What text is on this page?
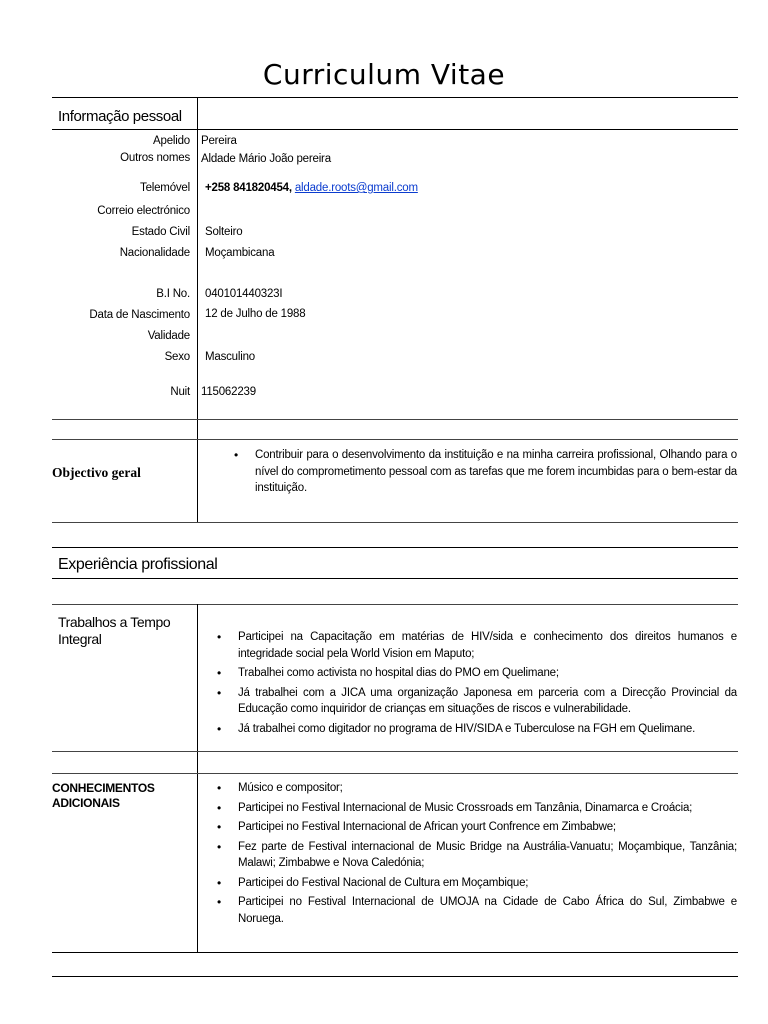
Curriculum Vitae
Informação pessoal
Apelido Pereira
Outros nomes Aldade Mário João pereira
Telemóvel +258 841820454, aldade.roots@gmail.com
Correio electrónico
Estado Civil Solteiro
Nacionalidade Moçambicana
B.I No. 040101440323I
Data de Nascimento 12 de Julho de 1988
Validade
Sexo Masculino
Nuit 115062239
Objectivo geral
• Contribuir para o desenvolvimento da instituição e na minha carreira profissional, Olhando para o nível do comprometimento pessoal com as tarefas que me forem incumbidas para o bem-estar da instituição.
Experiência profissional
Trabalhos a Tempo Integral	• Participei na Capacitação em matérias de HIV/sida e conhecimento dos direitos humanos e integridade social pela World Vision em Maputo;
• Trabalhei como activista no hospital dias do PMO em Quelimane;
• Já trabalhei com a JICA uma organização Japonesa em parceria com a Direcção Provincial da Educação como inquiridor de crianças em situações de riscos e vulnerabilidade.
• Já trabalhei como digitador no programa de HIV/SIDA e Tuberculose na FGH em Quelimane.
CONHECIMENTOS ADICIONAIS
• Músico e compositor;
• Participei no Festival Internacional de Music Crossroads em Tanzânia, Dinamarca e Croácia;
• Participei no Festival Internacional de African yourt Confrence em Zimbabwe;
• Fez parte de Festival internacional de Music Bridge na Austrália-Vanuatu; Moçambique, Tanzânia; Malawi; Zimbabwe e Nova Caledónia;
• Participei do Festival Nacional de Cultura em Moçambique;
• Participei no Festival Internacional de UMOJA na Cidade de Cabo África do Sul, Zimbabwe e Noruega.
